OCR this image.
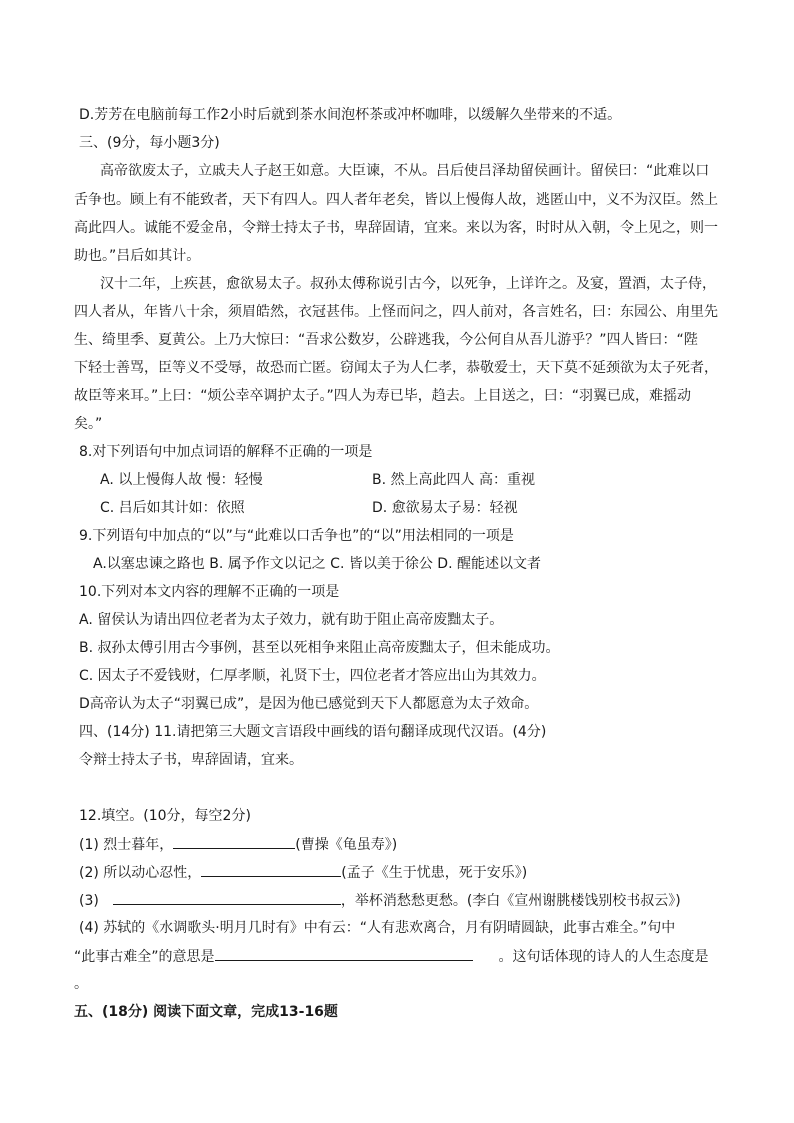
D.芳芳在电脑前每工作2小时后就到茶水间泡杯茶或冲杯咖啡，以缓解久坐带来的不适。
三、(9分，每小题3分)
高帝欲废太子，立戚夫人子赵王如意。大臣谏，不从。吕后使吕泽劫留侯画计。留侯曰：“此难以口
舌争也。顾上有不能致者，天下有四人。四人者年老矣，皆以上慢侮人故，逃匿山中，义不为汉臣。然上
高此四人。诚能不爱金帛，令辩士持太子书，卑辞固请，宜来。来以为客，时时从入朝，令上见之，则一
助也。”吕后如其计。
汉十二年，上疾甚，愈欲易太子。叔孙太傅称说引古今，以死争，上详许之。及宴，置酒，太子侍，
四人者从，年皆八十余，须眉皓然，衣冠甚伟。上怪而问之，四人前对，各言姓名，曰：东园公、甪里先
生、绮里季、夏黄公。上乃大惊曰：“吾求公数岁，公辟逃我，今公何自从吾儿游乎？”四人皆曰：“陛
下轻士善骂，臣等义不受辱，故恐而亡匿。窃闻太子为人仁孝，恭敬爱士，天下莫不延颈欲为太子死者，
故臣等来耳。”上曰：“烦公幸卒调护太子。”四人为寿已毕，趋去。上目送之，曰：“羽翼已成，难摇动
矣。”
8.对下列语句中加点词语的解释不正确的一项是
A. 以上慢侮人故 慢：轻慢	B. 然上高此四人 高：重视
C. 吕后如其计如：依照	D. 愈欲易太子易：轻视
9.下列语句中加点的“以”与“此难以口舌争也”的“以”用法相同的一项是
A.以塞忠谏之路也 B. 属予作文以记之 C. 皆以美于徐公 D. 醒能述以文者
10.下列对本文内容的理解不正确的一项是
A. 留侯认为请出四位老者为太子效力，就有助于阻止高帝废黜太子。
B. 叔孙太傅引用古今事例，甚至以死相争来阻止高帝废黜太子，但未能成功。
C. 因太子不爱钱财，仁厚孝顺，礼贤下士，四位老者才答应出山为其效力。
D高帝认为太子“羽翼已成”，是因为他已感觉到天下人都愿意为太子效命。
四、(14分) 11.请把第三大题文言语段中画线的语句翻译成现代汉语。(4分)
令辩士持太子书，卑辞固请，宜来。
12.填空。(10分，每空2分)
(1) 烈士暮年，	(曹操《龟虽寿》)
(2) 所以动心忍性，	(孟子《生于忧患，死于安乐》)
(3)	，举杯消愁愁更愁。(李白《宣州谢朓楼饯别校书叔云》)
(4) 苏轼的《水调歌头·明月几时有》中有云：“人有悲欢离合，月有阴晴圆缺，此事古难全。”句中
“此事古难全”的意思是	。这句话体现的诗人的人生态度是
。
五、(18分) 阅读下面文章，完成13-16题
